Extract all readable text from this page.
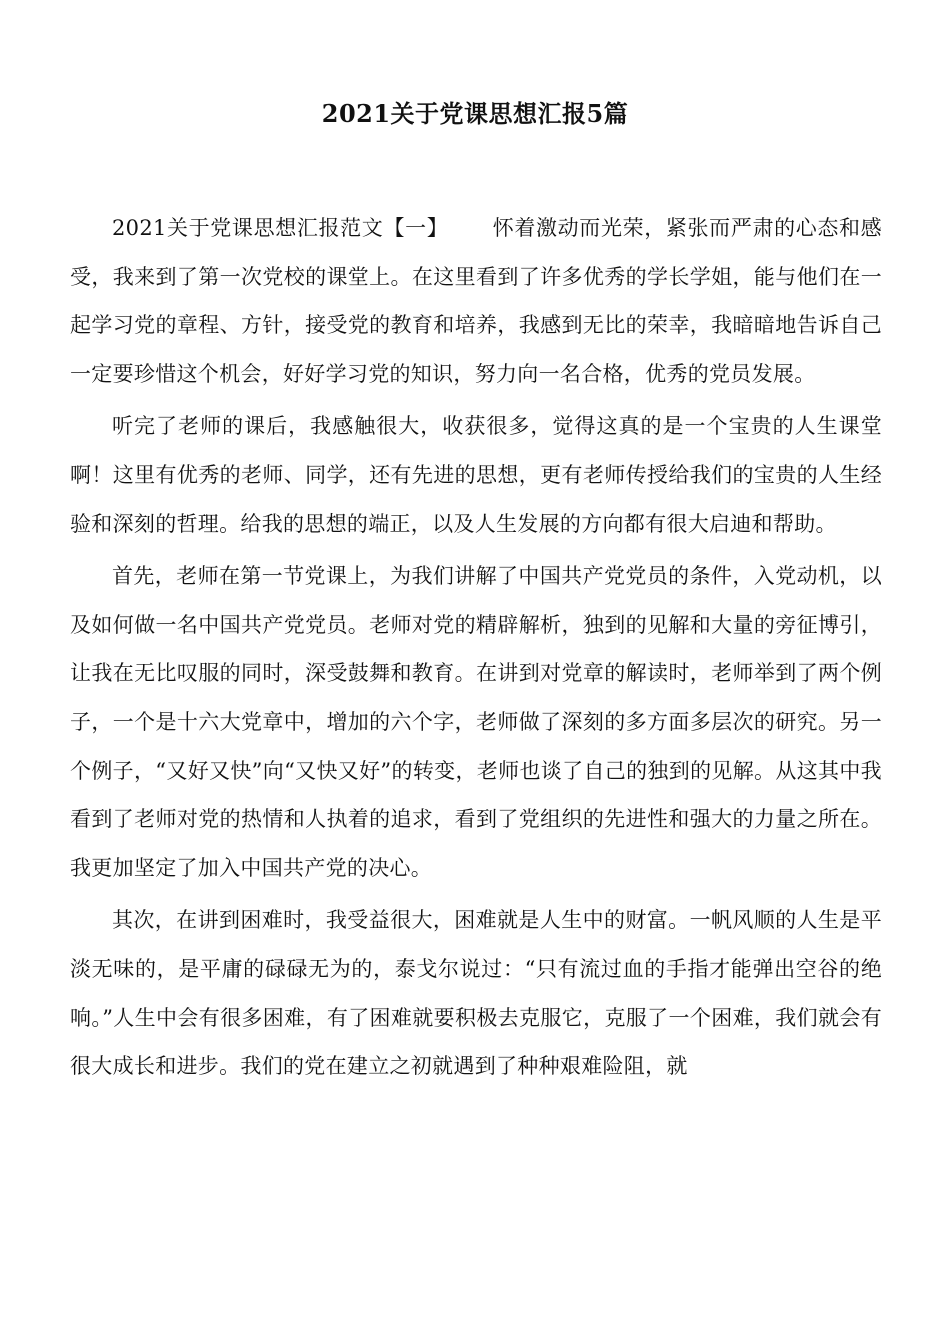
2021关于党课思想汇报5篇

2021关于党课思想汇报范文【一】 怀着激动而光荣，紧张而严肃的心态和感受，我来到了第一次党校的课堂上。在这里看到了许多优秀的学长学姐，能与他们在一起学习党的章程、方针，接受党的教育和培养，我感到无比的荣幸，我暗暗地告诉自己一定要珍惜这个机会，好好学习党的知识，努力向一名合格，优秀的党员发展。

听完了老师的课后，我感触很大，收获很多，觉得这真的是一个宝贵的人生课堂啊！这里有优秀的老师、同学，还有先进的思想，更有老师传授给我们的宝贵的人生经验和深刻的哲理。给我的思想的端正，以及人生发展的方向都有很大启迪和帮助。

首先，老师在第一节党课上，为我们讲解了中国共产党党员的条件，入党动机，以及如何做一名中国共产党党员。老师对党的精辟解析，独到的见解和大量的旁征博引，让我在无比叹服的同时，深受鼓舞和教育。在讲到对党章的解读时，老师举到了两个例子，一个是十六大党章中，增加的六个字，老师做了深刻的多方面多层次的研究。另一个例子，“又好又快”向“又快又好”的转变，老师也谈了自己的独到的见解。从这其中我看到了老师对党的热情和人执着的追求，看到了党组织的先进性和强大的力量之所在。我更加坚定了加入中国共产党的决心。

其次，在讲到困难时，我受益很大，困难就是人生中的财富。一帆风顺的人生是平淡无味的，是平庸的碌碌无为的，泰戈尔说过：“只有流过血的手指才能弹出空谷的绝响。”人生中会有很多困难，有了困难就要积极去克服它，克服了一个困难，我们就会有很大成长和进步。我们的党在建立之初就遇到了种种艰难险阻，就
